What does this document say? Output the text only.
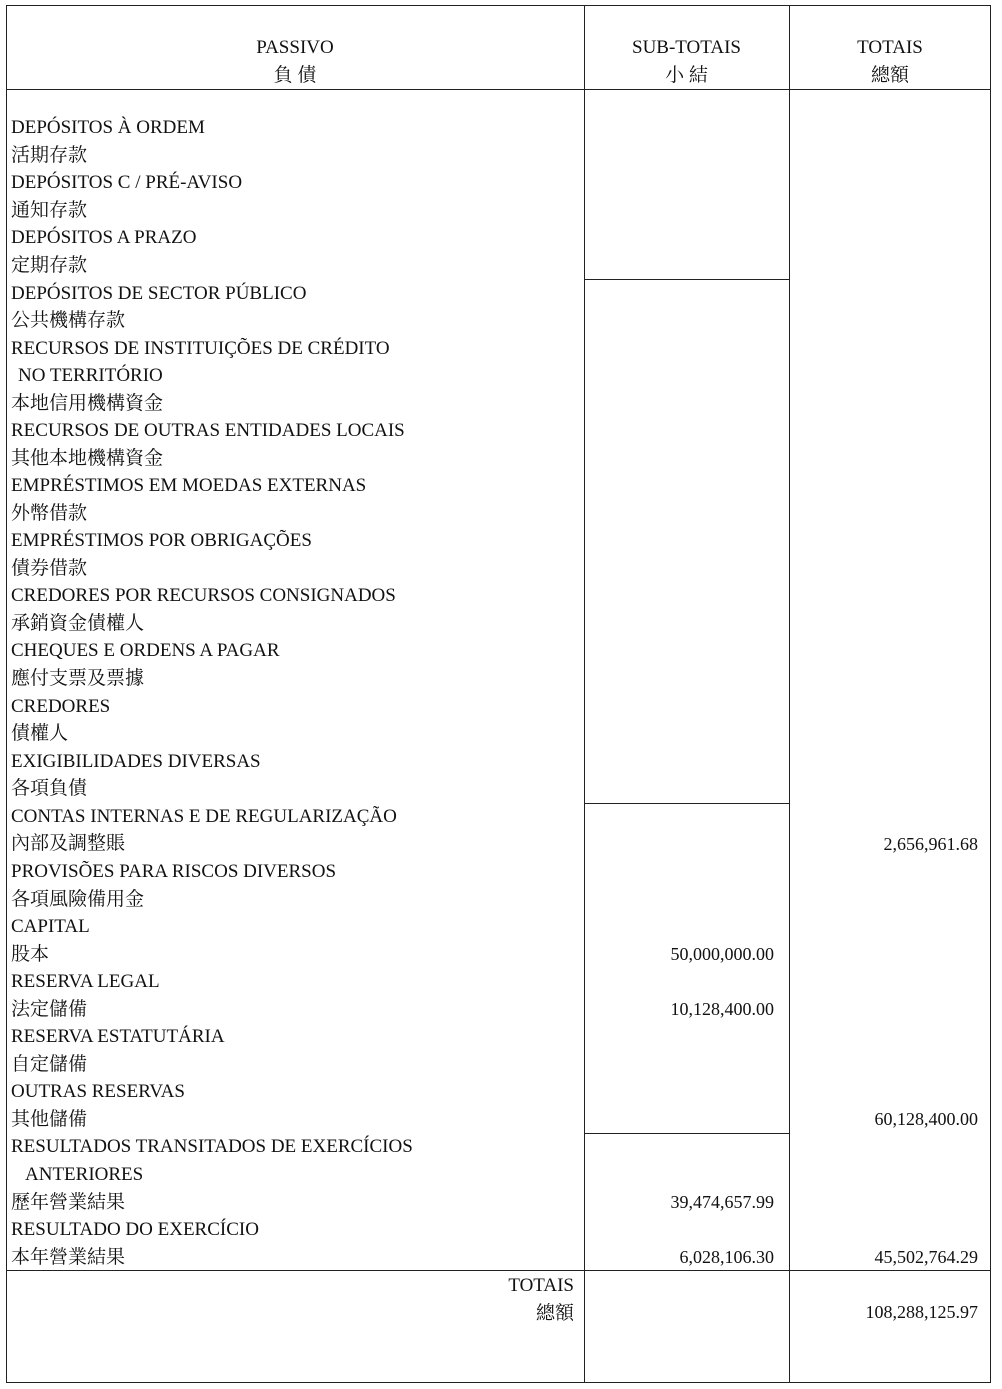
PASSIVO
負 債
SUB-TOTAIS
小 結
TOTAIS
總額
DEPÓSITOS À ORDEM
活期存款
DEPÓSITOS C / PRÉ-AVISO
通知存款
DEPÓSITOS A PRAZO
定期存款
DEPÓSITOS DE SECTOR PÚBLICO
公共機構存款
RECURSOS DE INSTITUIÇÕES DE CRÉDITO
NO TERRITÓRIO
本地信用機構資金
RECURSOS DE OUTRAS ENTIDADES LOCAIS
其他本地機構資金
EMPRÉSTIMOS EM MOEDAS EXTERNAS
外幣借款
EMPRÉSTIMOS POR OBRIGAÇÕES
債券借款
CREDORES POR RECURSOS CONSIGNADOS
承銷資金債權人
CHEQUES E ORDENS A PAGAR
應付支票及票據
CREDORES
債權人
EXIGIBILIDADES DIVERSAS
各項負債
CONTAS INTERNAS E DE REGULARIZAÇÃO
內部及調整賬
PROVISÕES PARA RISCOS DIVERSOS
各項風險備用金
CAPITAL
股本
RESERVA LEGAL
法定儲備
RESERVA ESTATUTÁRIA
自定儲備
OUTRAS RESERVAS
其他儲備
RESULTADOS TRANSITADOS DE EXERCÍCIOS
ANTERIORES
歷年營業結果
RESULTADO DO EXERCÍCIO
本年營業結果
2,656,961.68
50,000,000.00
10,128,400.00
60,128,400.00
39,474,657.99
6,028,106.30	45,502,764.29
TOTAIS
總額	108,288,125.97
